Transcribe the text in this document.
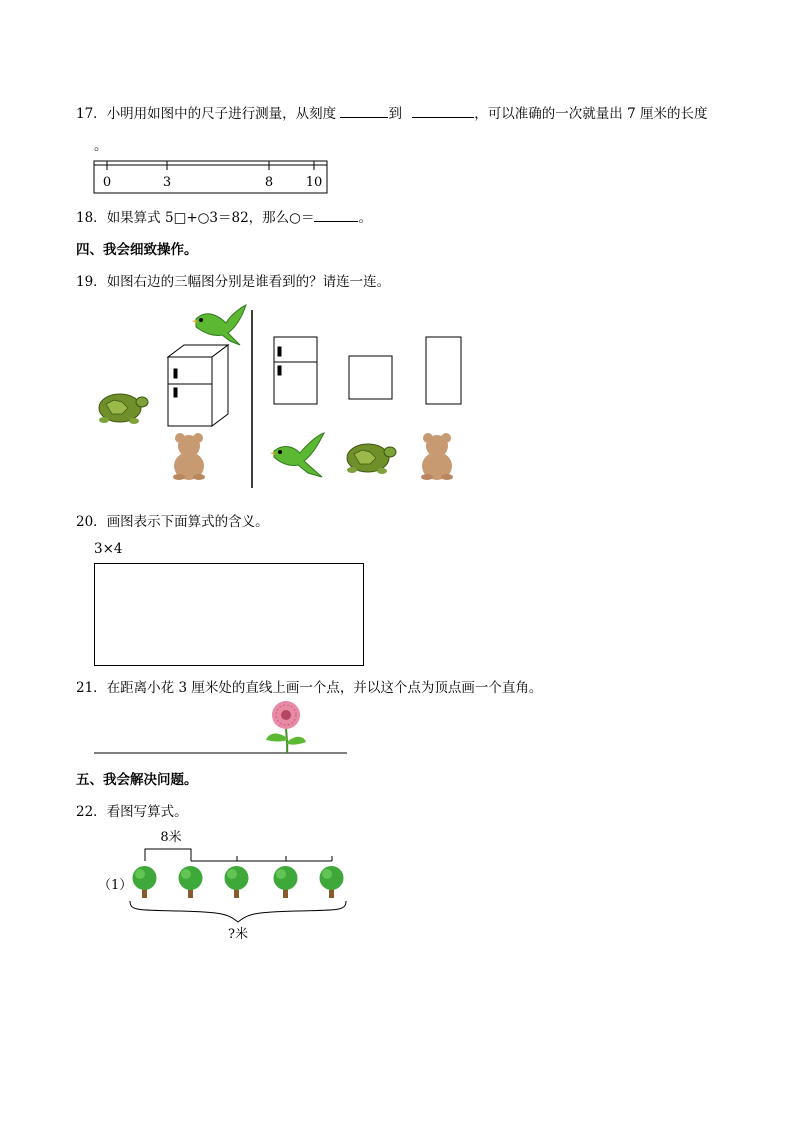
17．小明用如图中的尺子进行测量，从刻度	到	，可以准确的一次就量出 7 厘米的长度
。
0	3	8	10
18．如果算式 5□+○3＝82，那么○＝	。
四、我会细致操作。
19．如图右边的三幅图分别是谁看到的？请连一连。
20．画图表示下面算式的含义。
3×4
21．在距离小花 3 厘米处的直线上画一个点，并以这个点为顶点画一个直角。
五、我会解决问题。
22．看图写算式。
（1）
8米
?米
